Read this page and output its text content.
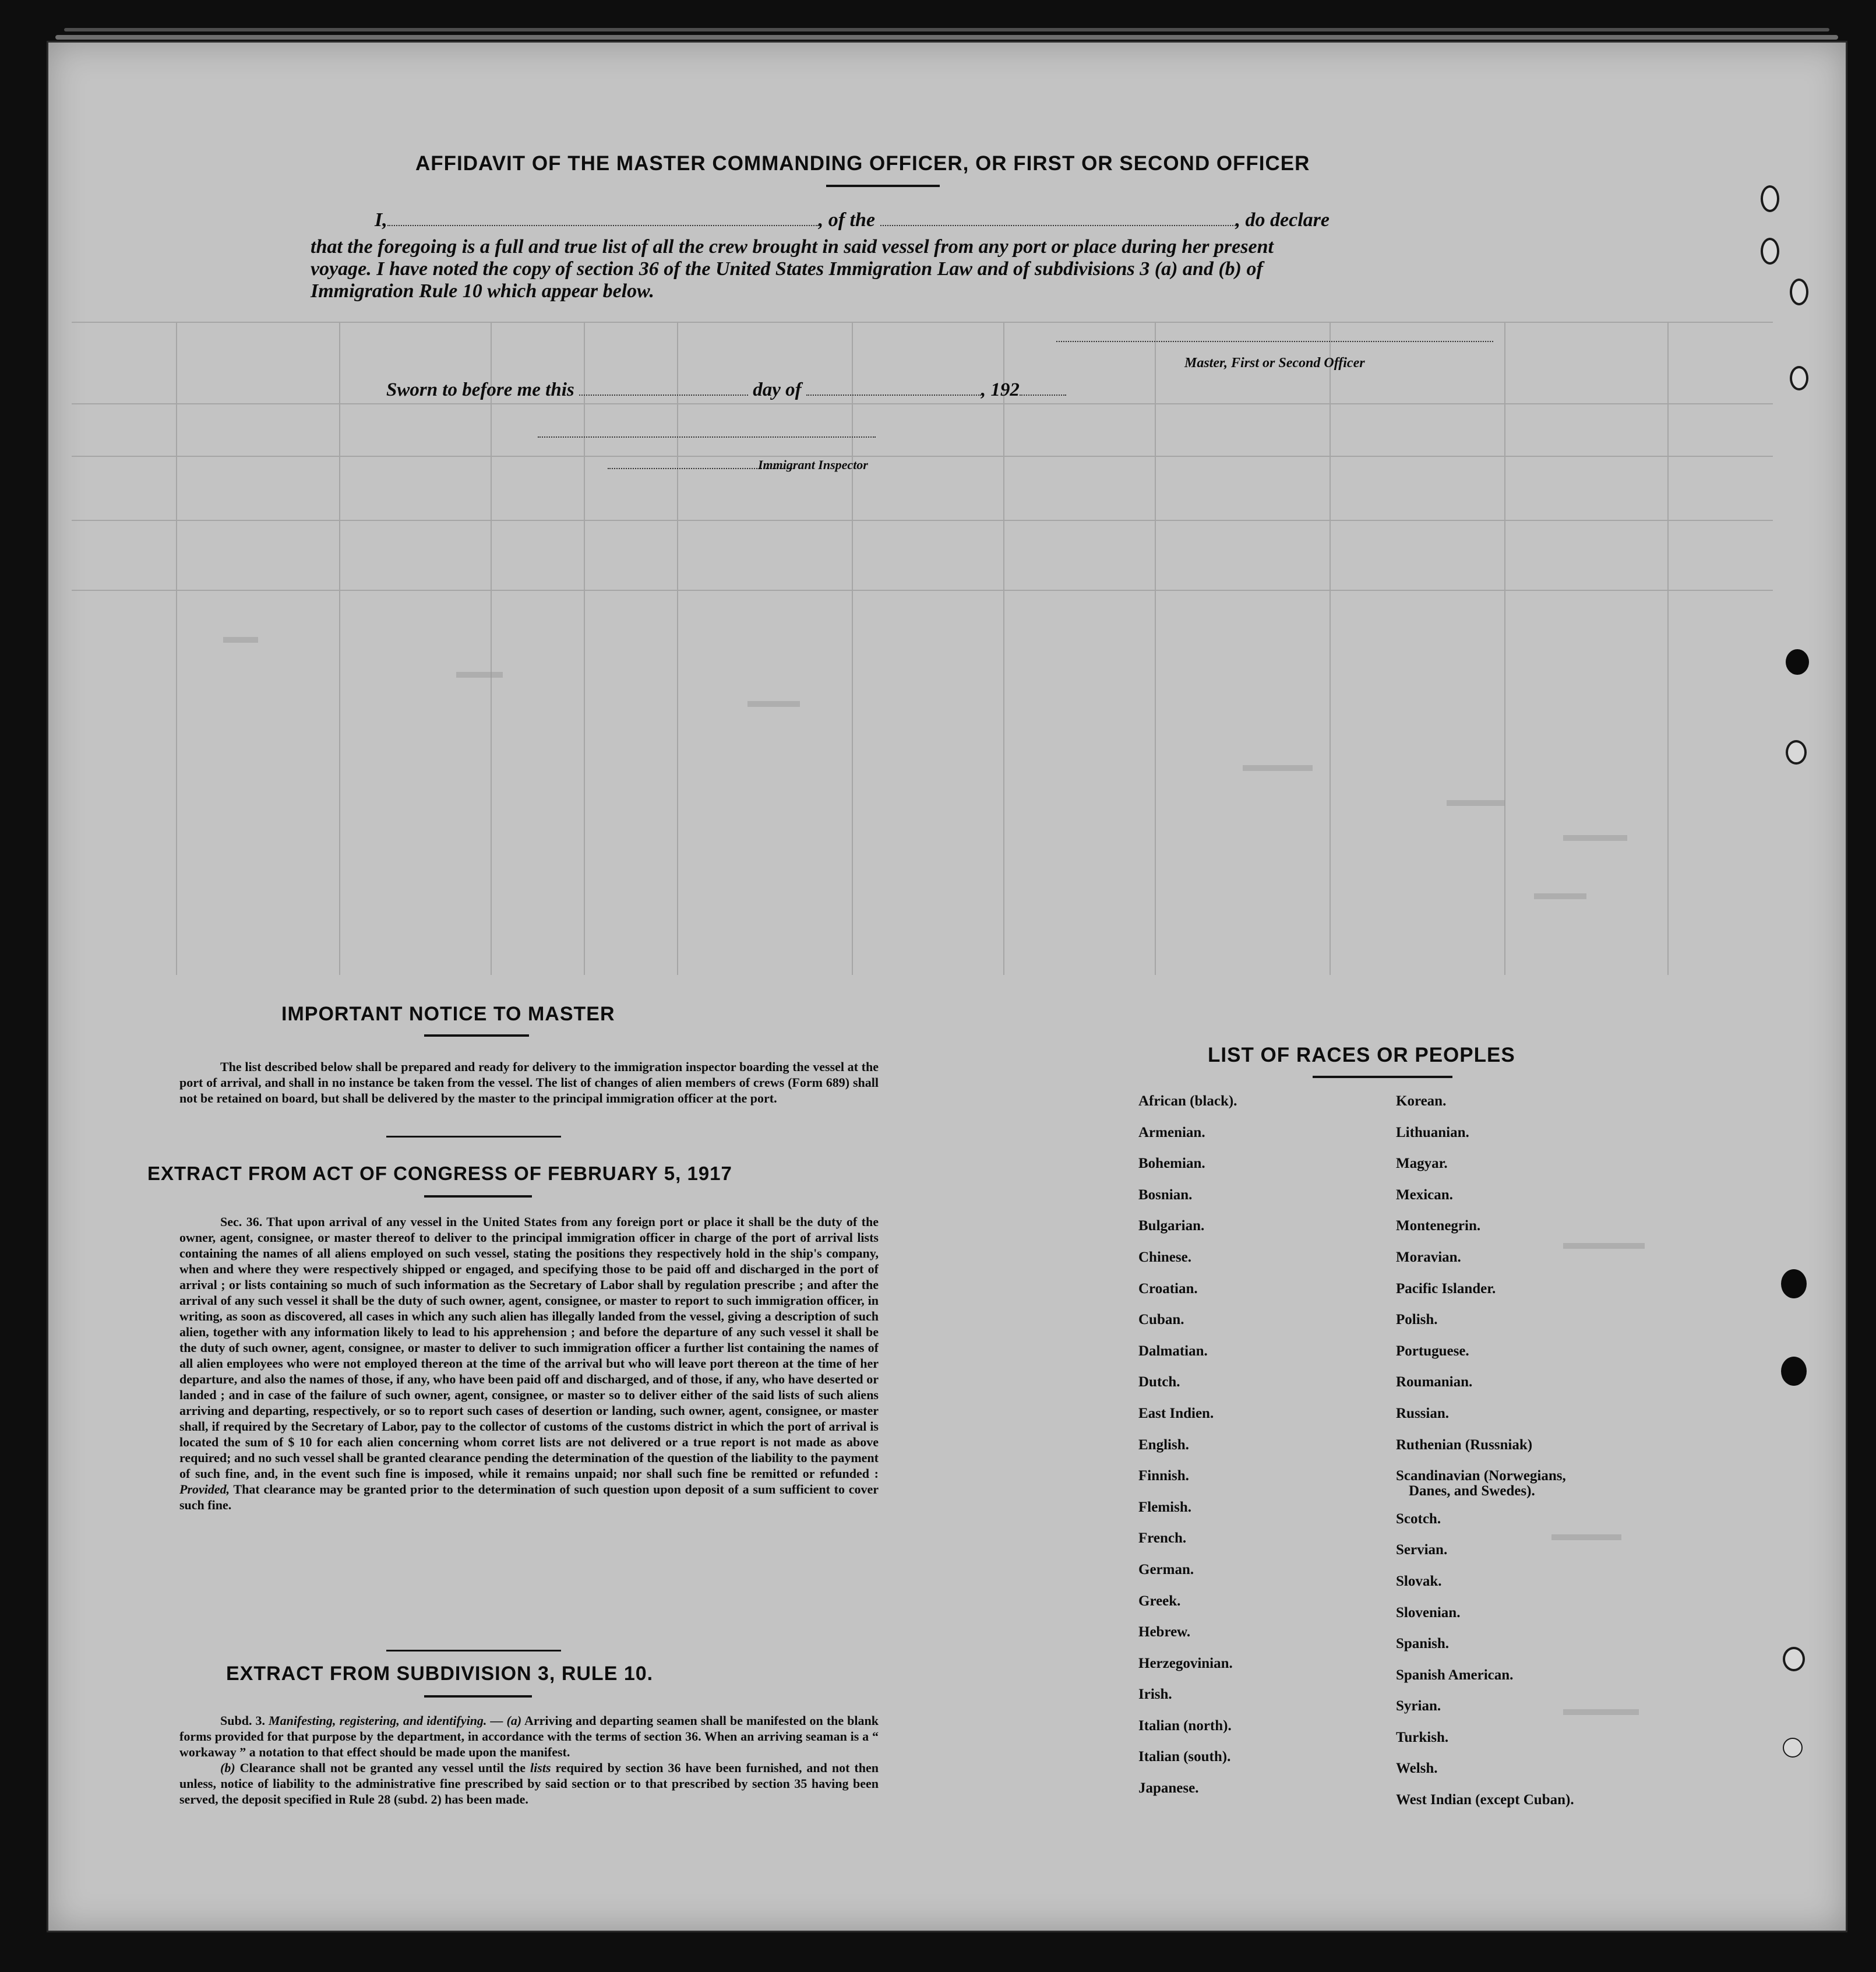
AFFIDAVIT OF THE MASTER COMMANDING OFFICER, OR FIRST OR SECOND OFFICER
I,	, of the	, do declare
that the foregoing is a full and true list of all the crew brought in said vessel from any port or place during her present
voyage. I have noted the copy of section 36 of the United States Immigration Law and of subdivisions 3 (a) and (b) of
Immigration Rule 10 which appear below.
Master, First or Second Officer
Sworn to before me this	day of	, 192
Immigrant Inspector
IMPORTANT NOTICE TO MASTER

The list described below shall be prepared and ready for delivery to the immigration inspector boarding the vessel at the port of arrival, and shall in no instance be taken from the vessel. The list of changes of alien members of crews (Form 689) shall not be retained on board, but shall be delivered by the master to the principal immigration officer at the port.

EXTRACT FROM ACT OF CONGRESS OF FEBRUARY 5, 1917

Sec. 36. That upon arrival of any vessel in the United States from any foreign port or place it shall be the duty of the owner, agent, consignee, or master thereof to deliver to the principal immigration officer in charge of the port of arrival lists containing the names of all aliens employed on such vessel, stating the positions they respectively hold in the ship's company, when and where they were respectively shipped or engaged, and specifying those to be paid off and discharged in the port of arrival ; or lists containing so much of such information as the Secretary of Labor shall by regulation prescribe ; and after the arrival of any such vessel it shall be the duty of such owner, agent, consignee, or master to report to such immigration officer, in writing, as soon as discovered, all cases in which any such alien has illegally landed from the vessel, giving a description of such alien, together with any information likely to lead to his apprehension ; and before the departure of any such vessel it shall be the duty of such owner, agent, consignee, or master to deliver to such immigration officer a further list containing the names of all alien employees who were not employed thereon at the time of the arrival but who will leave port thereon at the time of her departure, and also the names of those, if any, who have been paid off and discharged, and of those, if any, who have deserted or landed ; and in case of the failure of such owner, agent, consignee, or master so to deliver either of the said lists of such aliens arriving and departing, respectively, or so to report such cases of desertion or landing, such owner, agent, consignee, or master shall, if required by the Secretary of Labor, pay to the collector of customs of the customs district in which the port of arrival is located the sum of $ 10 for each alien concerning whom corret lists are not delivered or a true report is not made as above required; and no such vessel shall be granted clearance pending the determination of the question of the liability to the payment of such fine, and, in the event such fine is imposed, while it remains unpaid; nor shall such fine be remitted or refunded : Provided, That clearance may be granted prior to the determination of such question upon deposit of a sum sufficient to cover such fine.

EXTRACT FROM SUBDIVISION 3, RULE 10.

Subd. 3. Manifesting, registering, and identifying. — (a) Arriving and departing seamen shall be manifested on the blank forms provided for that purpose by the department, in accordance with the terms of section 36. When an arriving seaman is a “ workaway ” a notation to that effect should be made upon the manifest.

(b) Clearance shall not be granted any vessel until the lists required by section 36 have been furnished, and not then unless, notice of liability to the administrative fine prescribed by said section or to that prescribed by section 35 having been served, the deposit specified in Rule 28 (subd. 2) has been made.

LIST OF RACES OR PEOPLES
African (black).
Armenian.
Bohemian.
Bosnian.
Bulgarian.
Chinese.
Croatian.
Cuban.
Dalmatian.
Dutch.
East Indien.
English.
Finnish.
Flemish.
French.
German.
Greek.
Hebrew.
Herzegovinian.
Irish.
Italian (north).
Italian (south).
Japanese.
Korean.
Lithuanian.
Magyar.
Mexican.
Montenegrin.
Moravian.
Pacific Islander.
Polish.
Portuguese.
Roumanian.
Russian.
Ruthenian (Russniak)
Scandinavian (Norwegians,
Danes, and Swedes).
Scotch.
Servian.
Slovak.
Slovenian.
Spanish.
Spanish American.
Syrian.
Turkish.
Welsh.
West Indian (except Cuban).
